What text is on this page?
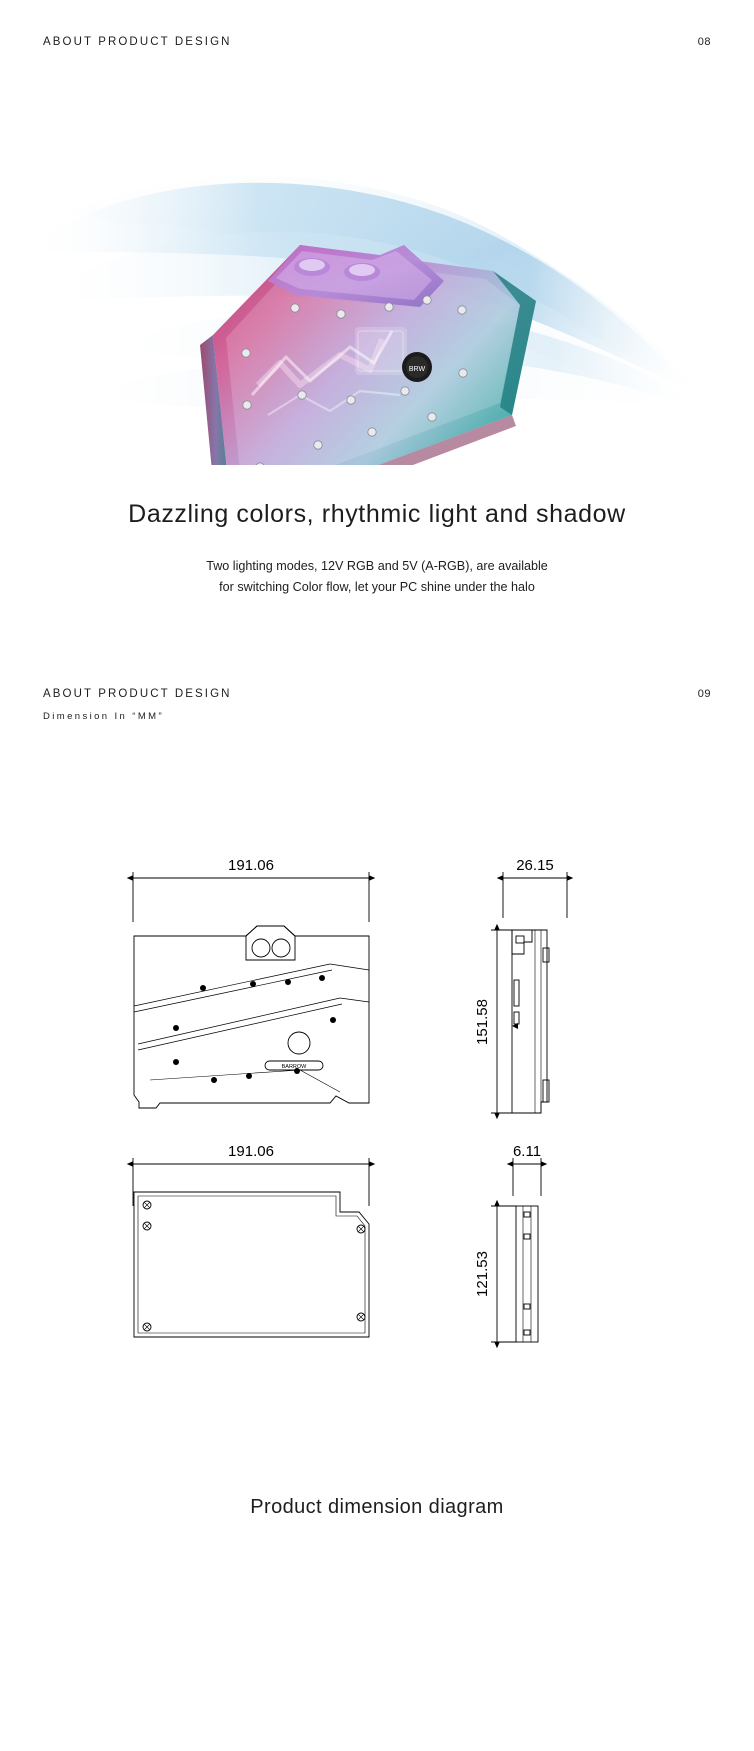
ABOUT PRODUCT DESIGN	08
BRW
Dazzling colors, rhythmic light and shadow
Two lighting modes, 12V RGB and 5V (A-RGB), are available
for switching Color flow, let your PC shine under the halo
ABOUT PRODUCT DESIGN	09
Dimension In “MM”
191.06
BARROW
26.15
151.58
191.06	6.11
121.53
Product dimension diagram
